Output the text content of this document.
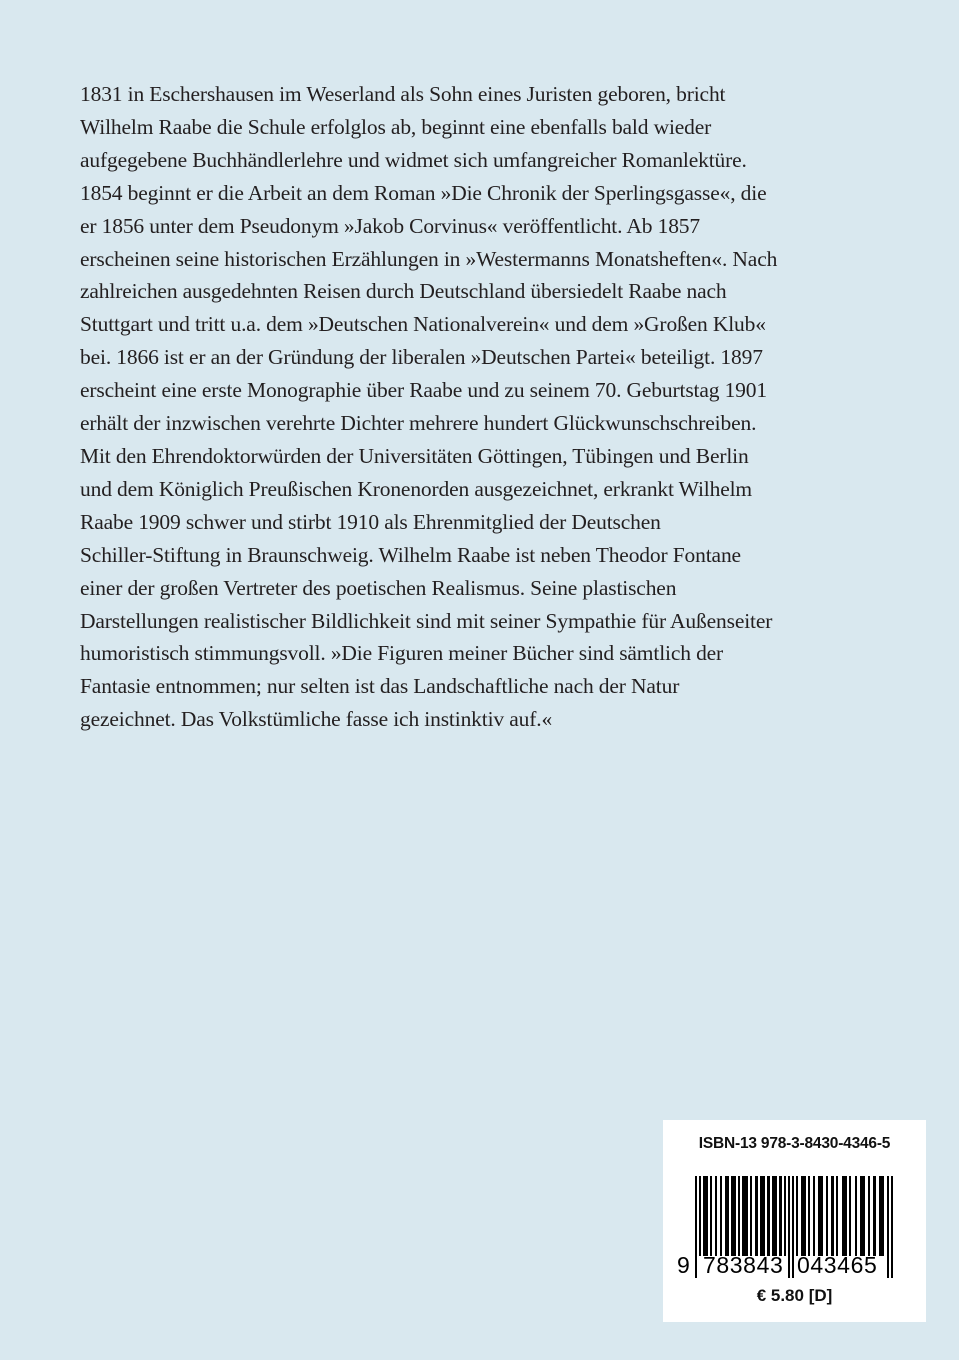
1831 in Eschershausen im Weserland als Sohn eines Juristen geboren, bricht
Wilhelm Raabe die Schule erfolglos ab, beginnt eine ebenfalls bald wieder
aufgegebene Buchhändlerlehre und widmet sich umfangreicher Romanlektüre.
1854 beginnt er die Arbeit an dem Roman »Die Chronik der Sperlingsgasse«, die
er 1856 unter dem Pseudonym »Jakob Corvinus« veröffentlicht. Ab 1857
erscheinen seine historischen Erzählungen in »Westermanns Monatsheften«. Nach
zahlreichen ausgedehnten Reisen durch Deutschland übersiedelt Raabe nach
Stuttgart und tritt u.a. dem »Deutschen Nationalverein« und dem »Großen Klub«
bei. 1866 ist er an der Gründung der liberalen »Deutschen Partei« beteiligt. 1897
erscheint eine erste Monographie über Raabe und zu seinem 70. Geburtstag 1901
erhält der inzwischen verehrte Dichter mehrere hundert Glückwunschschreiben.
Mit den Ehrendoktorwürden der Universitäten Göttingen, Tübingen und Berlin
und dem Königlich Preußischen Kronenorden ausgezeichnet, erkrankt Wilhelm
Raabe 1909 schwer und stirbt 1910 als Ehrenmitglied der Deutschen
Schiller-Stiftung in Braunschweig. Wilhelm Raabe ist neben Theodor Fontane
einer der großen Vertreter des poetischen Realismus. Seine plastischen
Darstellungen realistischer Bildlichkeit sind mit seiner Sympathie für Außenseiter
humoristisch stimmungsvoll. »Die Figuren meiner Bücher sind sämtlich der
Fantasie entnommen; nur selten ist das Landschaftliche nach der Natur
gezeichnet. Das Volkstümliche fasse ich instinktiv auf.«
ISBN-13 978-3-8430-4346-5
9 783843 043465
€ 5.80 [D]
